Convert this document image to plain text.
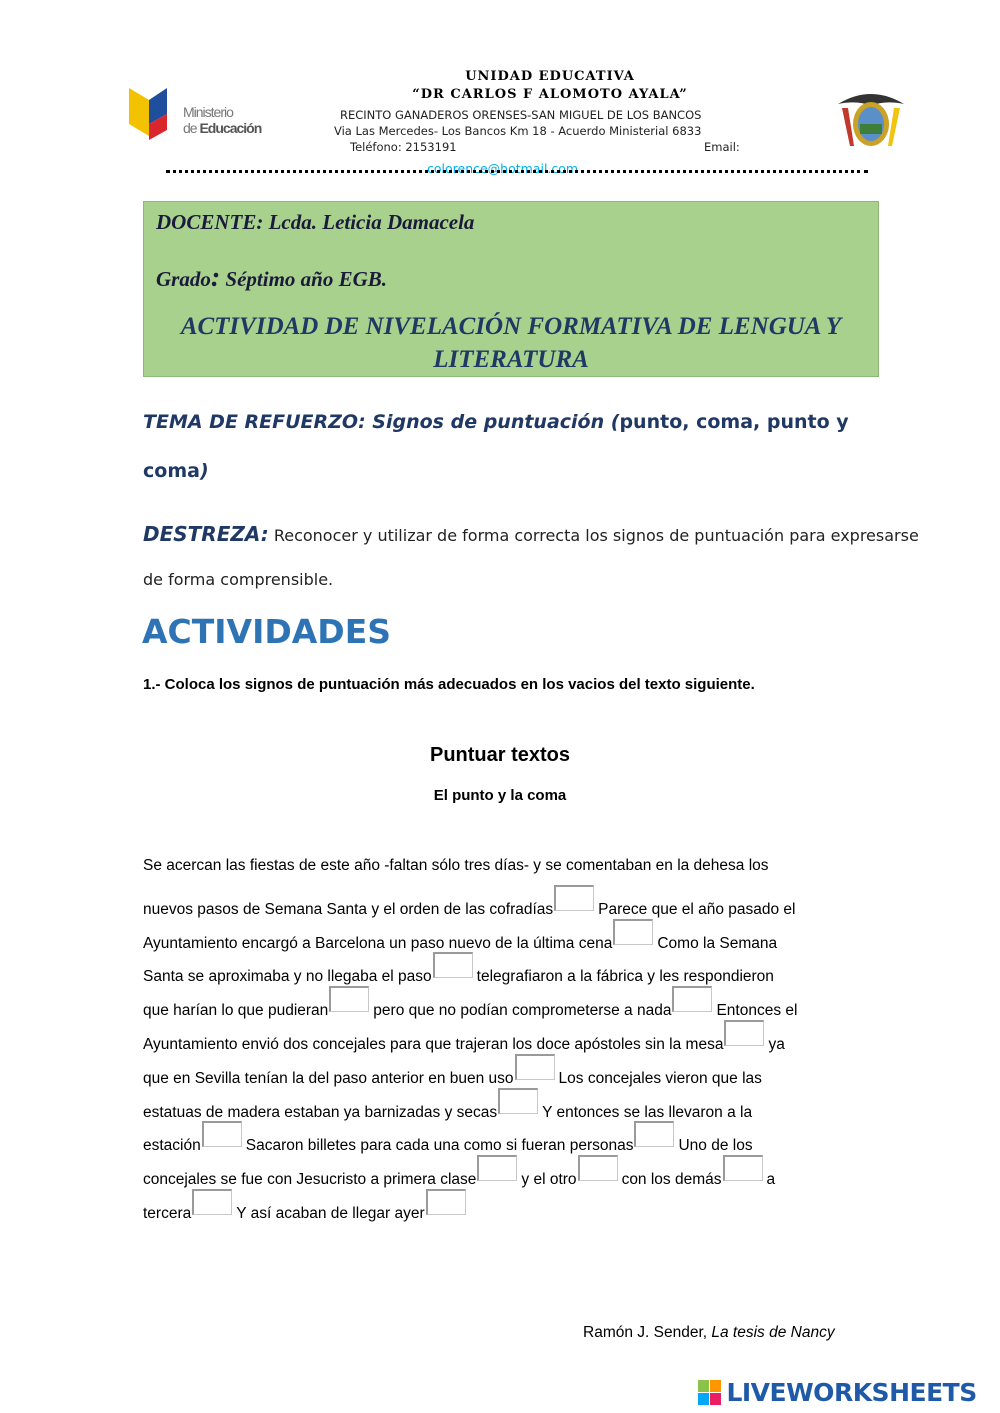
Ministerio
de Educación
UNIDAD EDUCATIVA
“DR CARLOS F ALOMOTO AYALA”
RECINTO GANADEROS ORENSES-SAN MIGUEL DE LOS BANCOS
Via Las Mercedes- Los Bancos Km 18 - Acuerdo Ministerial 6833
Teléfono: 2153191	Email:
colorence@hotmail.com
DOCENTE: Lcda. Leticia Damacela
Grado: Séptimo año EGB.
ACTIVIDAD DE NIVELACIÓN FORMATIVA DE LENGUA Y LITERATURA
TEMA DE REFUERZO: Signos de puntuación (punto, coma, punto y coma)
DESTREZA: Reconocer y utilizar de forma correcta los signos de puntuación para expresarse de forma comprensible.
ACTIVIDADES
1.- Coloca los signos de puntuación más adecuados en los vacios del texto siguiente.
Puntuar textos
El punto y la coma
Se acercan las fiestas de este año -faltan sólo tres días- y se comentaban en la dehesa los
nuevos pasos de Semana Santa y el orden de las cofradías	Parece que el año pasado el
Ayuntamiento encargó a Barcelona un paso nuevo de la última cena	Como la Semana
Santa se aproximaba y no llegaba el paso	telegrafiaron a la fábrica y les respondieron
que harían lo que pudieran	pero que no podían comprometerse a nada	Entonces el
Ayuntamiento envió dos concejales para que trajeran los doce apóstoles sin la mesa	ya
que en Sevilla tenían la del paso anterior en buen uso	Los concejales vieron que las
estatuas de madera estaban ya barnizadas y secas	Y entonces se las llevaron a la
estación	Sacaron billetes para cada una como si fueran personas	Uno de los
concejales se fue con Jesucristo a primera clase	y el otro	con los demás	a
tercera	Y así acaban de llegar ayer
Ramón J. Sender, La tesis de Nancy
LIVEWORKSHEETS
